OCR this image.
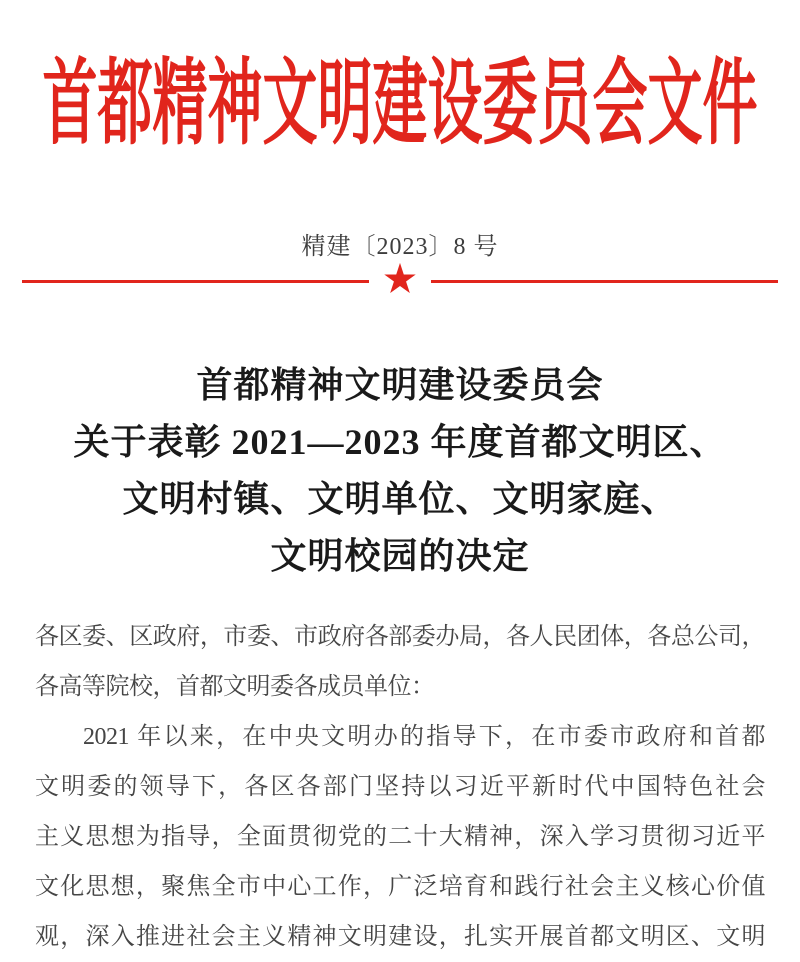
首都精神文明建设委员会文件
精建〔2023〕8 号
★
首都精神文明建设委员会
关于表彰 2021—2023 年度首都文明区、
文明村镇、文明单位、文明家庭、
文明校园的决定
各区委、区政府，市委、市政府各部委办局，各人民团体，各总公司，
各高等院校，首都文明委各成员单位：
2021 年以来，在中央文明办的指导下，在市委市政府和首都
文明委的领导下，各区各部门坚持以习近平新时代中国特色社会
主义思想为指导，全面贯彻党的二十大精神，深入学习贯彻习近平
文化思想，聚焦全市中心工作，广泛培育和践行社会主义核心价值
观，深入推进社会主义精神文明建设，扎实开展首都文明区、文明
